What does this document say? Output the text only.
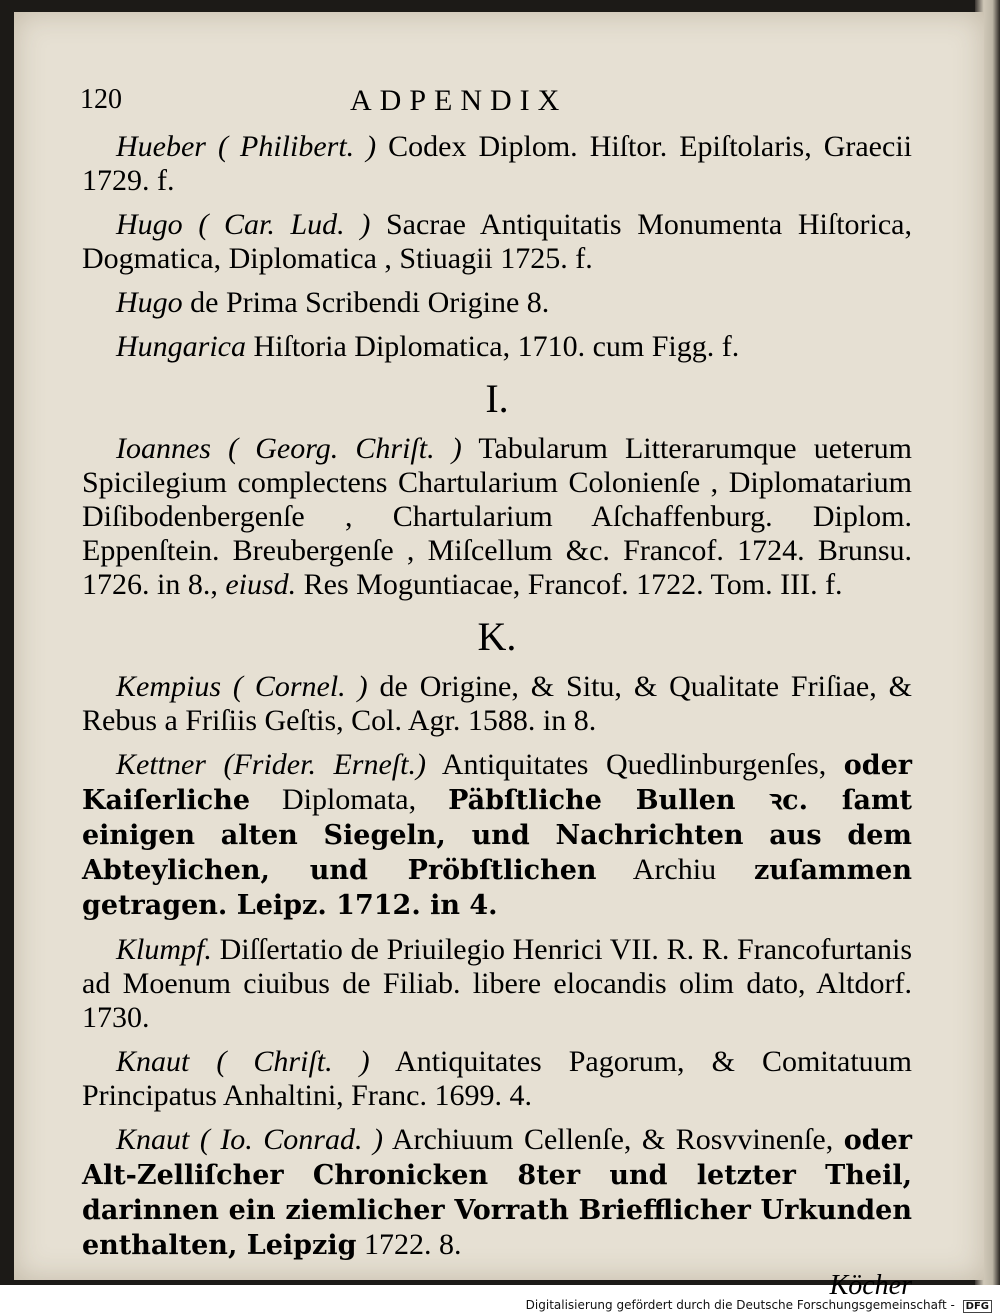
120	ADPENDIX

Hueber ( Philibert. ) Codex Diplom. Hiſtor. Epiſtolaris, Graecii 1729. f.

Hugo ( Car. Lud. ) Sacrae Antiquitatis Monumenta Hiſtorica, Dogmatica, Diplomatica , Stiuagii 1725. f.

Hugo de Prima Scribendi Origine 8.

Hungarica Hiſtoria Diplomatica, 1710. cum Figg. f.

I.

Ioannes ( Georg. Chriſt. ) Tabularum Litterarumque ueterum Spicilegium complectens Chartularium Colonienſe , Diplomatarium Diſibodenbergenſe , Chartularium Aſchaffenburg. Diplom. Eppenſtein. Breubergenſe , Miſcellum &c. Francof. 1724. Brunsu. 1726. in 8., eiusd. Res Moguntiacae, Francof. 1722. Tom. III. f.

K.

Kempius ( Cornel. ) de Origine, & Situ, & Qualitate Friſiae, & Rebus a Friſiis Geſtis, Col. Agr. 1588. in 8.

Kettner (Frider. Erneſt.) Antiquitates Quedlinburgenſes, oder Kaiſerliche Diplomata, Päbſtliche Bullen ꝛc. ſamt einigen alten Siegeln, und Nachrichten aus dem Abteylichen, und Pröbſtlichen Archiu zuſammen getragen. Leipz. 1712. in 4.

Klumpf. Diſſertatio de Priuilegio Henrici VII. R. R. Francofurtanis ad Moenum ciuibus de Filiab. libere elocandis olim dato, Altdorf. 1730.

Knaut ( Chriſt. ) Antiquitates Pagorum, & Comitatuum Principatus Anhaltini, Franc. 1699. 4.

Knaut ( Io. Conrad. ) Archiuum Cellenſe, & Rosvvinenſe, oder Alt-Zelliſcher Chronicken 8ter und letzter Theil, darinnen ein ziemlicher Vorrath Briefflicher Urkunden enthalten, Leipzig 1722. 8.

Köcher
Digitalisierung gefördert durch die Deutsche Forschungsgemeinschaft - DFG
